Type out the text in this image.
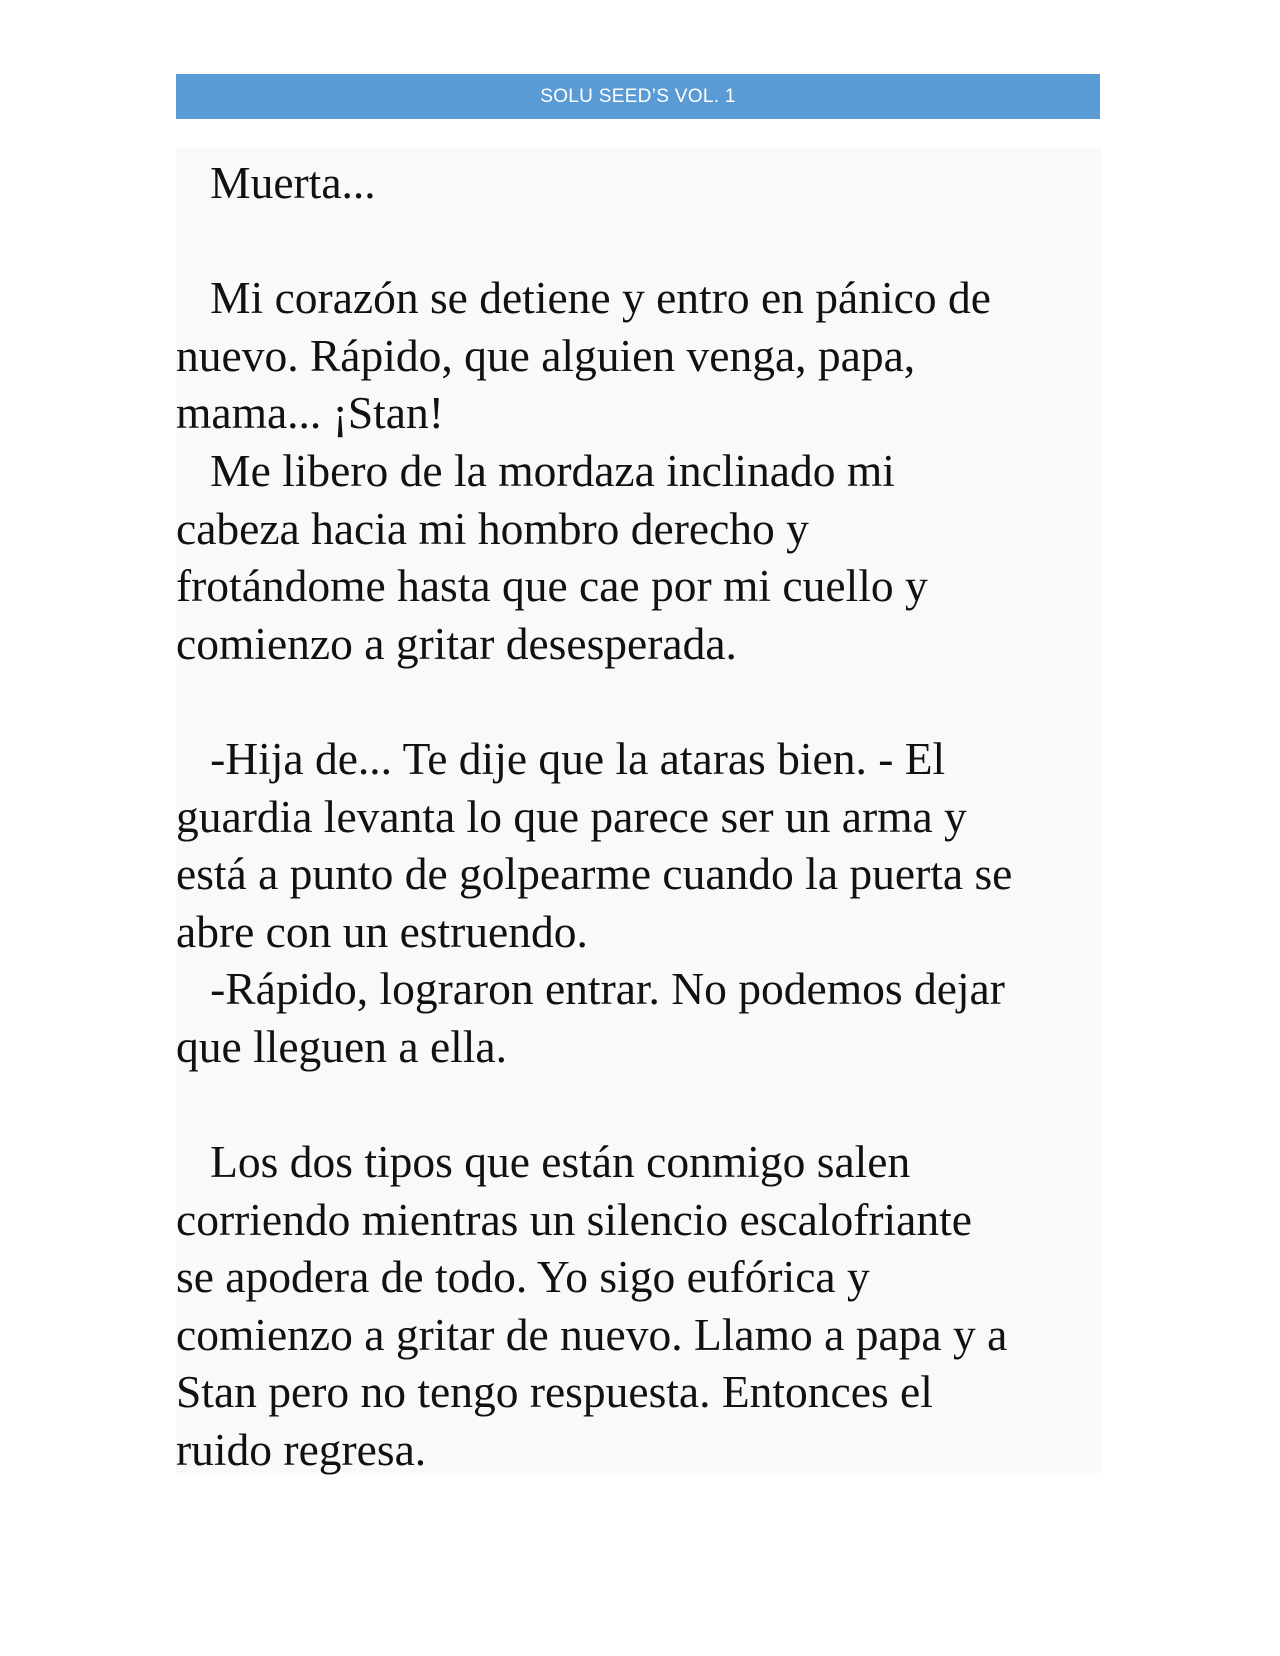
SOLU SEED’S VOL. 1
Muerta...
Mi corazón se detiene y entro en pánico de
nuevo. Rápido, que alguien venga, papa,
mama... ¡Stan!
Me libero de la mordaza inclinado mi
cabeza hacia mi hombro derecho y
frotándome hasta que cae por mi cuello y
comienzo a gritar desesperada.
-Hija de... Te dije que la ataras bien. - El
guardia levanta lo que parece ser un arma y
está a punto de golpearme cuando la puerta se
abre con un estruendo.
-Rápido, lograron entrar. No podemos dejar
que lleguen a ella.
Los dos tipos que están conmigo salen
corriendo mientras un silencio escalofriante
se apodera de todo. Yo sigo eufórica y
comienzo a gritar de nuevo. Llamo a papa y a
Stan pero no tengo respuesta. Entonces el
ruido regresa.
